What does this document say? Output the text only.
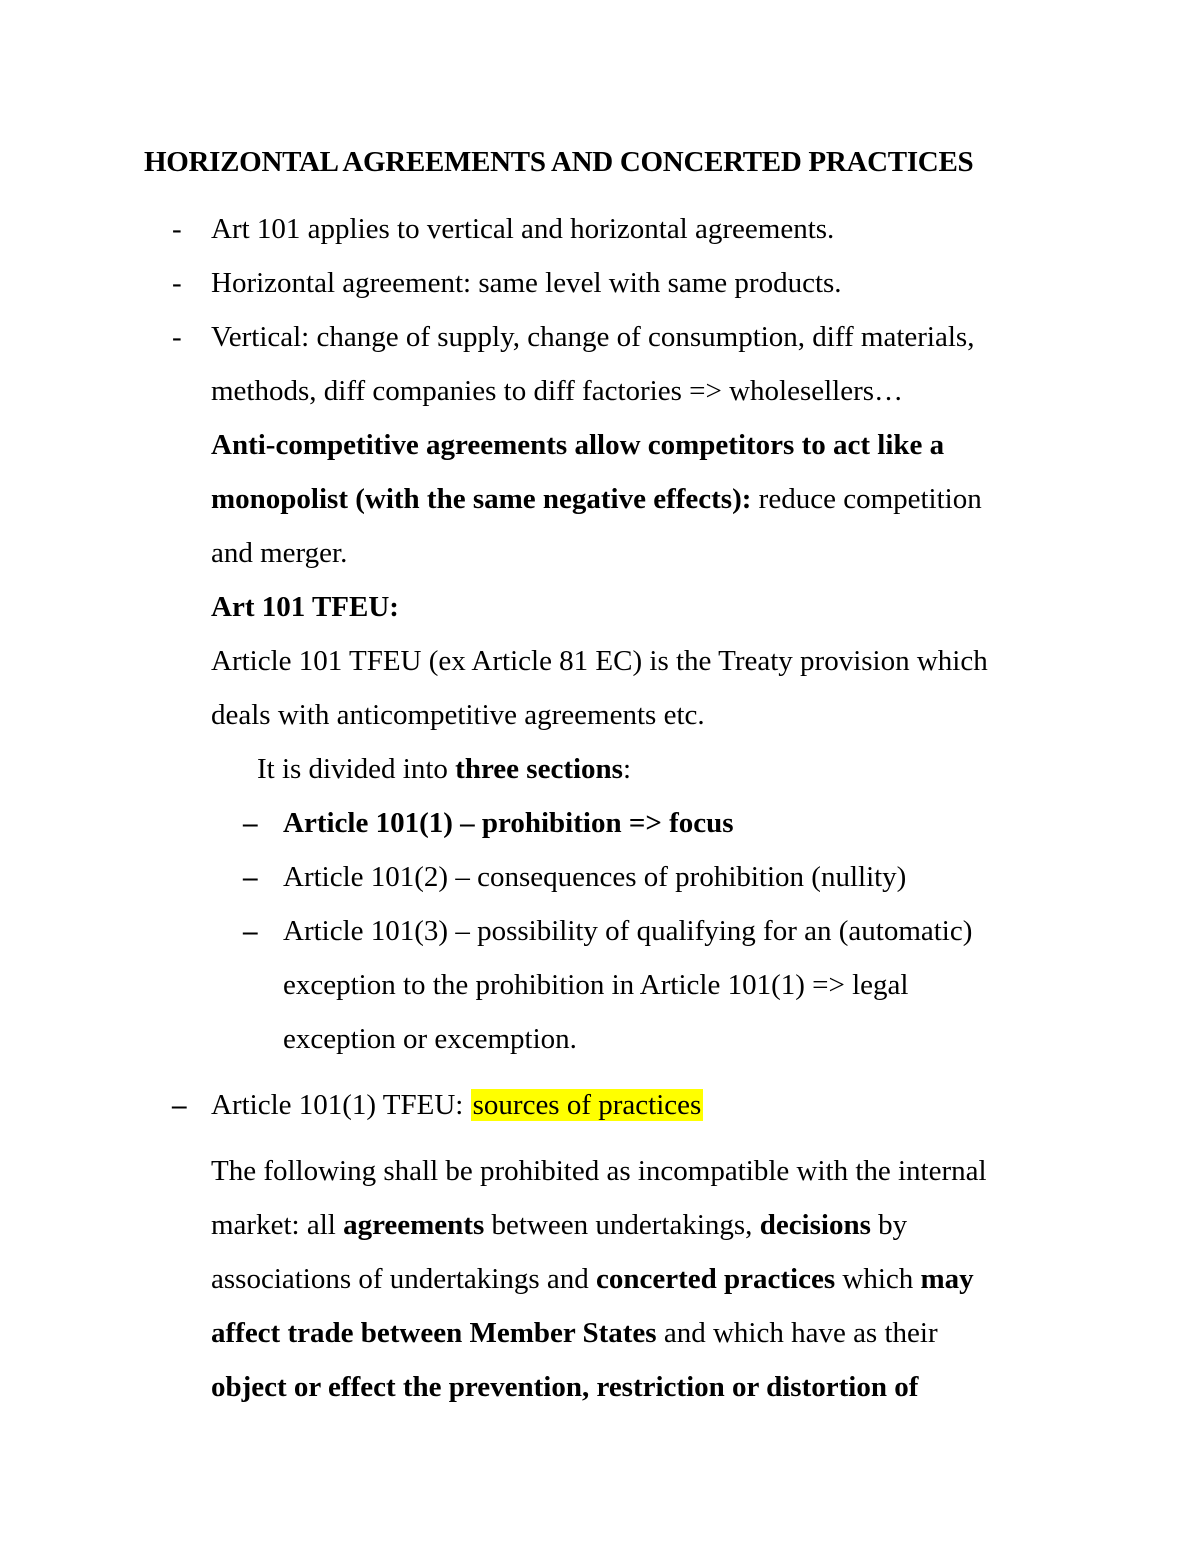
HORIZONTAL AGREEMENTS AND CONCERTED PRACTICES
- Art 101 applies to vertical and horizontal agreements.
- Horizontal agreement: same level with same products.
- Vertical: change of supply, change of consumption, diff materials,
methods, diff companies to diff factories => wholesellers…
Anti-competitive agreements allow competitors to act like a
monopolist (with the same negative effects): reduce competition
and merger.
Art 101 TFEU:
Article 101 TFEU (ex Article 81 EC) is the Treaty provision which
deals with anticompetitive agreements etc.
It is divided into three sections:
– Article 101(1) – prohibition => focus
– Article 101(2) – consequences of prohibition (nullity)
– Article 101(3) – possibility of qualifying for an (automatic)
exception to the prohibition in Article 101(1) => legal
exception or excemption.
– Article 101(1) TFEU: sources of practices
The following shall be prohibited as incompatible with the internal
market: all agreements between undertakings, decisions by
associations of undertakings and concerted practices which may
affect trade between Member States and which have as their
object or effect the prevention, restriction or distortion of
